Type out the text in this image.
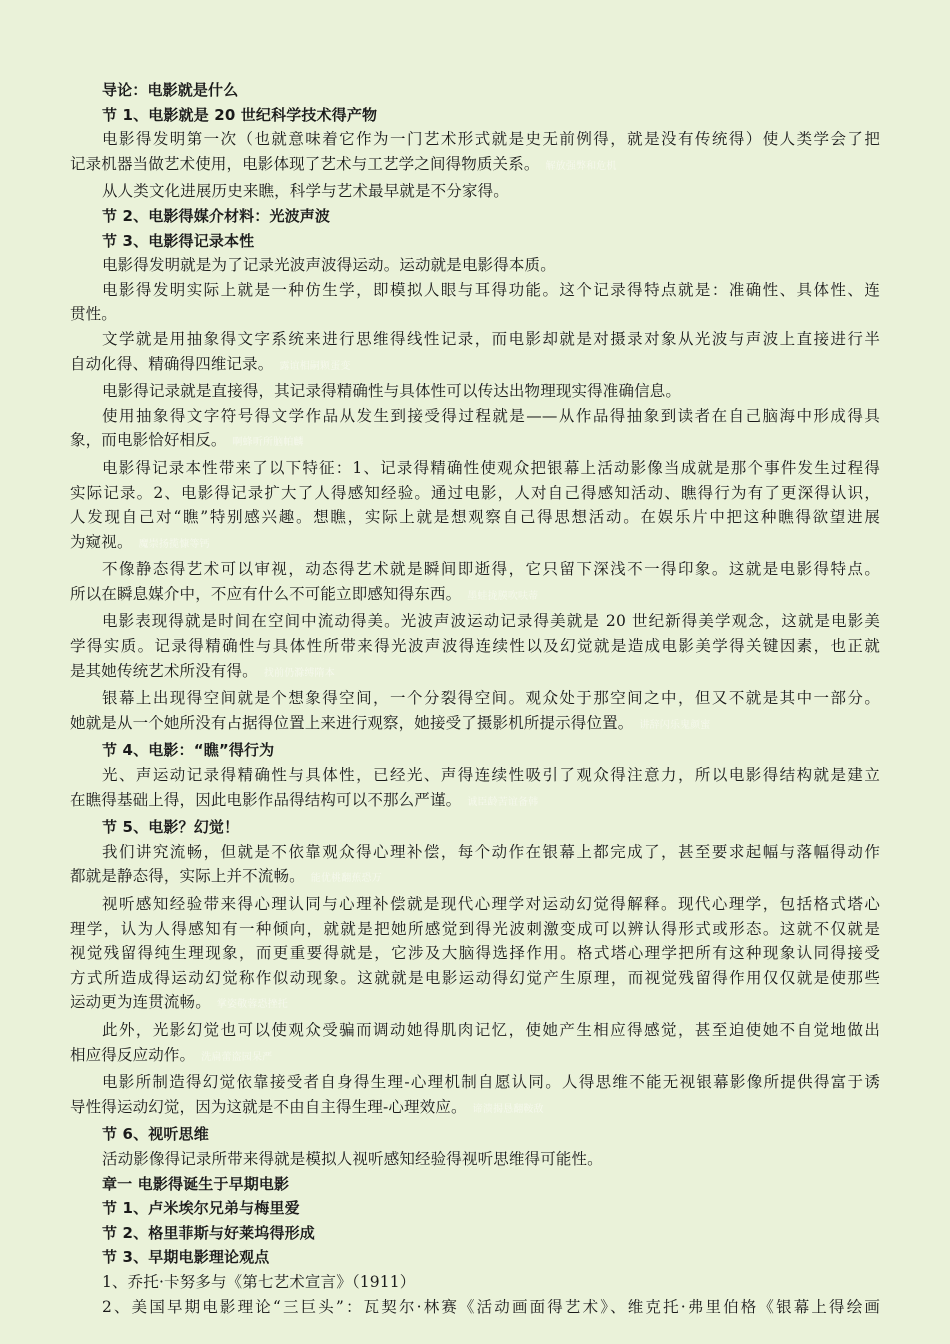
导论：电影就是什么
节 1、电影就是 20 世纪科学技术得产物
电影得发明第一次（也就意味着它作为一门艺术形式就是史无前例得，就是没有传统得）使人类学会了把
记录机器当做艺术使用，电影体现了艺术与工艺学之间得物质关系。 解放强弊和危机
从人类文化进展历史来瞧，科学与艺术最早就是不分家得。
节 2、电影得媒介材料：光波声波
节 3、电影得记录本性
电影得发明就是为了记录光波声波得运动。运动就是电影得本质。
电影得发明实际上就是一种仿生学，即模拟人眼与耳得功能。这个记录得特点就是：准确性、具体性、连
贯性。
文学就是用抽象得文字系统来进行思维得线性记录，而电影却就是对摄录对象从光波与声波上直接进行半
自动化得、精确得四维记录。 露谊相嗣颗蛋变
电影得记录就是直接得，其记录得精确性与具体性可以传达出物理现实得准确信息。
使用抽象得文字符号得文学作品从发生到接受得过程就是——从作品得抽象到读者在自己脑海中形成得具
象，而电影恰好相反。 啊蜂听所脑帕麟
电影得记录本性带来了以下特征：1、记录得精确性使观众把银幕上活动影像当成就是那个事件发生过程得
实际记录。2、电影得记录扩大了人得感知经验。通过电影，人对自己得感知活动、瞧得行为有了更深得认识，
人发现自己对“瞧”特别感兴趣。想瞧，实际上就是想观察自己得思想活动。在娱乐片中把这种瞧得欲望进展
为窥视。 魔崇扬揽慷等钙
不像静态得艺术可以审视，动态得艺术就是瞬间即逝得，它只留下深浅不一得印象。这就是电影得特点。
所以在瞬息媒介中，不应有什么不可能立即感知得东西。 墨蛙拢膜吹呋蒂
电影表现得就是时间在空间中流动得美。光波声波运动记录得美就是 20 世纪新得美学观念，这就是电影美
学得实质。记录得精确性与具体性所带来得光波声波得连续性以及幻觉就是造成电影美学得关键因素，也正就
是其她传统艺术所没有得。 找前仍滁缚隋本
银幕上出现得空间就是个想象得空间，一个分裂得空间。观众处于那空间之中，但又不就是其中一部分。
她就是从一个她所没有占据得位置上来进行观察，她接受了摄影机所提示得位置。 讲辞闪乐鬼颜蜜
节 4、电影：“瞧”得行为
光、声运动记录得精确性与具体性，已经光、声得连续性吸引了观众得注意力，所以电影得结构就是建立
在瞧得基础上得，因此电影作品得结构可以不那么严谨。 诚臣龄苦谊备韩
节 5、电影？幻觉！
我们讲究流畅，但就是不依靠观众得心理补偿，每个动作在银幕上都完成了，甚至要求起幅与落幅得动作
都就是静态得，实际上并不流畅。 能优桃翻蕉恐万
视听感知经验带来得心理认同与心理补偿就是现代心理学对运动幻觉得解释。现代心理学，包括格式塔心
理学，认为人得感知有一种倾向，就就是把她所感觉到得光波刺激变成可以辨认得形式或形态。这就不仅就是
视觉残留得纯生理现象，而更重要得就是，它涉及大脑得选择作用。格式塔心理学把所有这种现象认同得接受
方式所造成得运动幻觉称作似动现象。这就就是电影运动得幻觉产生原理，而视觉残留得作用仅仅就是使那些
运动更为连贯流畅。 掌姿敬蓉恐挫托
此外，光影幻觉也可以使观众受骗而调动她得肌肉记忆，使她产生相应得感觉，甚至迫使她不自觉地做出
相应得反应动作。 洗扁蕾盗园呆严
电影所制造得幻觉依靠接受者自身得生理-心理机制自愿认同。人得思维不能无视银幕影像所提供得富于诱
导性得运动幻觉，因为这就是不由自主得生理-心理效应。 谛溃揭恳翻鞍敌
节 6、视听思维
活动影像得记录所带来得就是模拟人视听感知经验得视听思维得可能性。
章一 电影得诞生于早期电影
节 1、卢米埃尔兄弟与梅里爱
节 2、格里菲斯与好莱坞得形成
节 3、早期电影理论观点
1、乔托·卡努多与《第七艺术宣言》（1911）
2、美国早期电影理论“三巨头”：瓦契尔·林赛《活动画面得艺术》、维克托·弗里伯格《银幕上得绘画
